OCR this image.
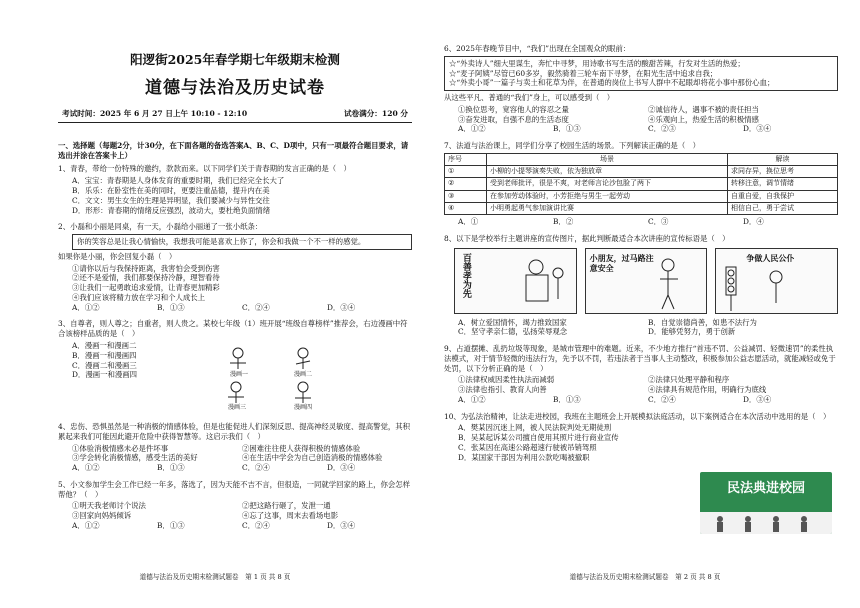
阳逻街2025年春学期七年级期末检测
道德与法治及历史试卷
考试时间：2025 年 6 月 27 日上午 10:10 - 12:10	试卷满分：120 分
一、选择题（每题2分，计30分，在下面各题的备选答案A、B、C、D项中，只有一项最符合题目要求，请选出并涂在答案卡上）
1、青春，带给一份特殊的邀约，款款而来。以下同学们关于青春期的发言正确的是（　）
A．宝宝：青春期是人身体发育的重要时期，我们已经完全长大了
B．乐乐：在卧室性在美的同时，更要注重品德，提升内在美
C．文文：男生女生的生理是异明显，我们要减少与异性交往
D．形形：青春期的情绪反应强烈，波动大，要杜绝负面情绪
2、小磊和小丽是同桌，有一天，小磊给小丽递了一张小纸条：
你的笑容总是让我心情愉快，我想我可能是喜欢上你了，你会和我做一个不一样的感觉。
如果你是小丽，你会回复小磊（　）
①请你以后与我保持距离，我害怕会受到伤害
②还不是爱情，我们都要保持冷静，理智看待
③让我们一起勇敢追求爱情，让青春更加精彩
④我们应该将精力放在学习和个人成长上
A．①②	B．①③	C．②④	D．③④
3、自尊者，则人尊之；自重者，则人贵之。某校七年级（1）班开展“班级自尊榜样”推荐会，右边漫画中符合该榜样品质的是（　）
A．漫画一和漫画二
B．漫画一和漫画四
C．漫画二和漫画三
D．漫画一和漫画四	漫画一	漫画二
漫画三	漫画四
4、忠伤、恐惧虽然是一种消极的情感体验，但是也能促进人们深刻反思、提高神经灵敏度、提高警觉，其积累起来我们可能因此避开危险中获得智慧等。这启示我们（　）
①体验消极情感未必是件坏事	②困难往往使人获得积极的情感体验
③学会转化消极情感，感受生活的美好	④在生活中学会为自己创造消极的情感体验
A．①②	B．①③	C．②④	D．③④
5、小文参加学生会工作已经一年多，落选了，因为天能不吉不言，但很造，一同就学回家的路上，你会怎样帮他？（　）
①明天我老师讨个说法	②把这路行砸了，发泄一通
③回家向妈妈倾诉	④忘了这事，周末去看场电影
A．①②	B．①③	C．②④	D．③④
道德与法治及历史期末检测试题卷　第 1 页 共 8 页
6、2025年春晚节目中，“我们”出现在全国观众的眼前：
☆“外卖诗人”细大里谋生，奔忙中寻梦，用诗歌书写生活的酸甜苦辣，行发对生活的热爱；
☆“麦子阿姨”尽管已60多岁，毅然骑着三轮车南下寻梦，在阳光生活中追求自我；
☆“外卖小哥”一篇子与卖土和花草为伴，在普通的岗位上书写人群中不起眼却将花小事中那份心血；
从这些平凡、普通的“我们”身上，可以感受到（　）
①换位思考，宽容他人的容忍之量	②诚信待人，遇事不被的责任担当
③奋发进取，自强不息的生活态度	④乐观向上，热爱生活的积极情感
A．①②	B．①③	C．②③	D．③④
7、法道与法治课上，同学们分享了校园生活的场景。下列解读正确的是（　）
序号	场景	解读
①	小柳的小提琴演奏失败，依为独放章	求同存异，换位思考
②	受到老师批评，很是不爽，对老师言论沙包脸了两下	转移注意，调节情绪
③	在参加劳动体验时，小芳拒绝与男生一起劳动	自重自爱，自我保护
④	小明勇起勇气参加演讲比赛	相信自己，勇于尝试
A．①	B．②	C．③	D．④
8、以下是学校举行主题讲座的宣传图片，据此判断最适合本次讲座的宣传标语是（　）
百善孝为先	小朋友，过马路注意安全
争做人民公仆
A．树立爱国情怀，竭力推致国家	B．自觉崇德尚善，如患不法行为
C．坚守孝亲仁德，弘扬荣辱观念	D．能够凭努力，勇于创新
9、占道摆摊、乱扔垃圾等现象，是城市管理中的难题。近来，不少地方推行“首违不罚、公益减罚、轻微速罚”的柔性执法模式，对于情节轻微的违法行为，先予以不罚，若违法者于当事人主动整改，积极参加公益志愿活动，就能减轻或免于处罚，以下分析正确的是（　）
①法律权威因柔性执法而减弱	②法律只处理平静和程序
③法律也指引、教育人向善	④法律具有规范作用，明确行为底线
A．①②	B．①③	C．②④	D．③④
10、为弘法治精神，让法走进校园，我班在主题班会上开展模拟法庭活动，以下案例适合在本次活动中选用的是（　）
A．樊某因沉迷上网，被人民法院判处无期徒刑
B．吴某起诉某公司擅自使用其照片进行商业宣传
C．张某因在高速公路超速行驶被吊销驾照
D．某国家干部因为利用公款吃喝被撤职
道德与法治及历史期末检测试题卷　第 2 页 共 8 页
民法典进校园
